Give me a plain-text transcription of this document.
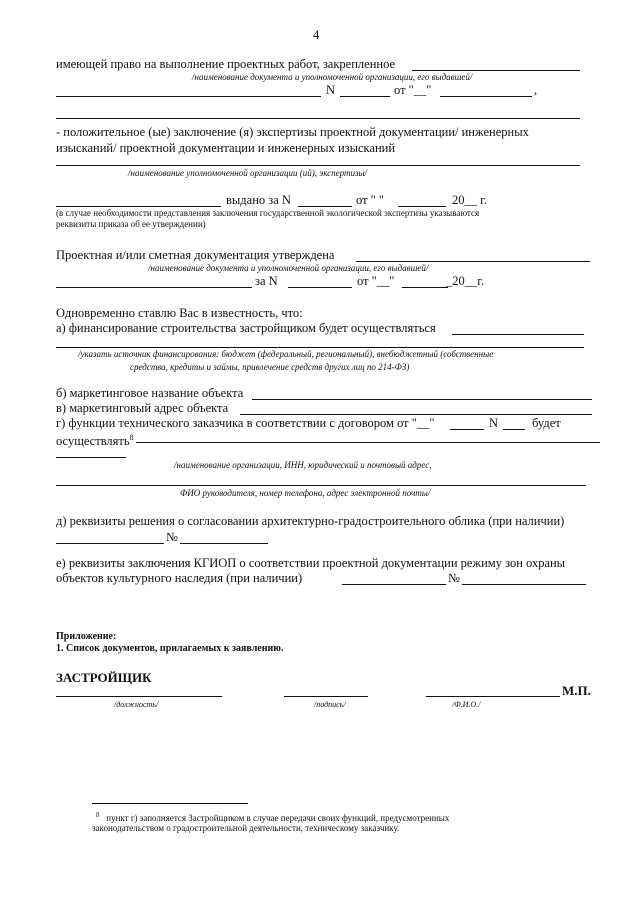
4
имеющей право на выполнение проектных работ, закрепленное
/наименование документа и уполномоченной организации, его выдавшей/
N	от "__"	,
- положительное (ые) заключение (я) экспертизы проектной документации/ инженерных
изысканий/ проектной документации и инженерных изысканий
/наименование уполномоченной организации (ий), экспертизы/
выдано за N	от " "	20__ г.
(в случае необходимости представления заключения государственной экологической экспертизы указываются
реквизиты приказа об ее утверждении)
Проектная и/или сметная документация утверждена
/наименование документа и уполномоченной организации, его выдавшей/
за N	от "__"	_20__г.
Одновременно ставлю Вас в известность, что:
а) финансирование строительства застройщиком будет осуществляться
/указать источник финансирования: бюджет (федеральный, региональный), внебюджетный (собственные
средства, кредиты и займы, привлечение средств других лиц по 214-ФЗ)
б) маркетинговое название объекта
в) маркетинговый адрес объекта
г) функции технического заказчика в соответствии с договором от "__"	N	будет
осуществлять$^8$
/наименование организации, ИНН, юридический и почтовый адрес,
ФИО руководителя, номер телефона, адрес электронной почты/
д) реквизиты решения о согласовании архитектурно-градостроительного облика (при наличии)
№
е) реквизиты заключения КГИОП о соответствии проектной документации режиму зон охраны
объектов культурного наследия (при наличии)	№
Приложение:
1. Список документов, прилагаемых к заявлению.
ЗАСТРОЙЩИК
М.П.
/должность/	/подпись/	/Ф.И.О./
$^8$ пункт г) заполняется Застройщиком в случае передачи своих функций, предусмотренных
законодательством о градостроительной деятельности, техническому заказчику.
